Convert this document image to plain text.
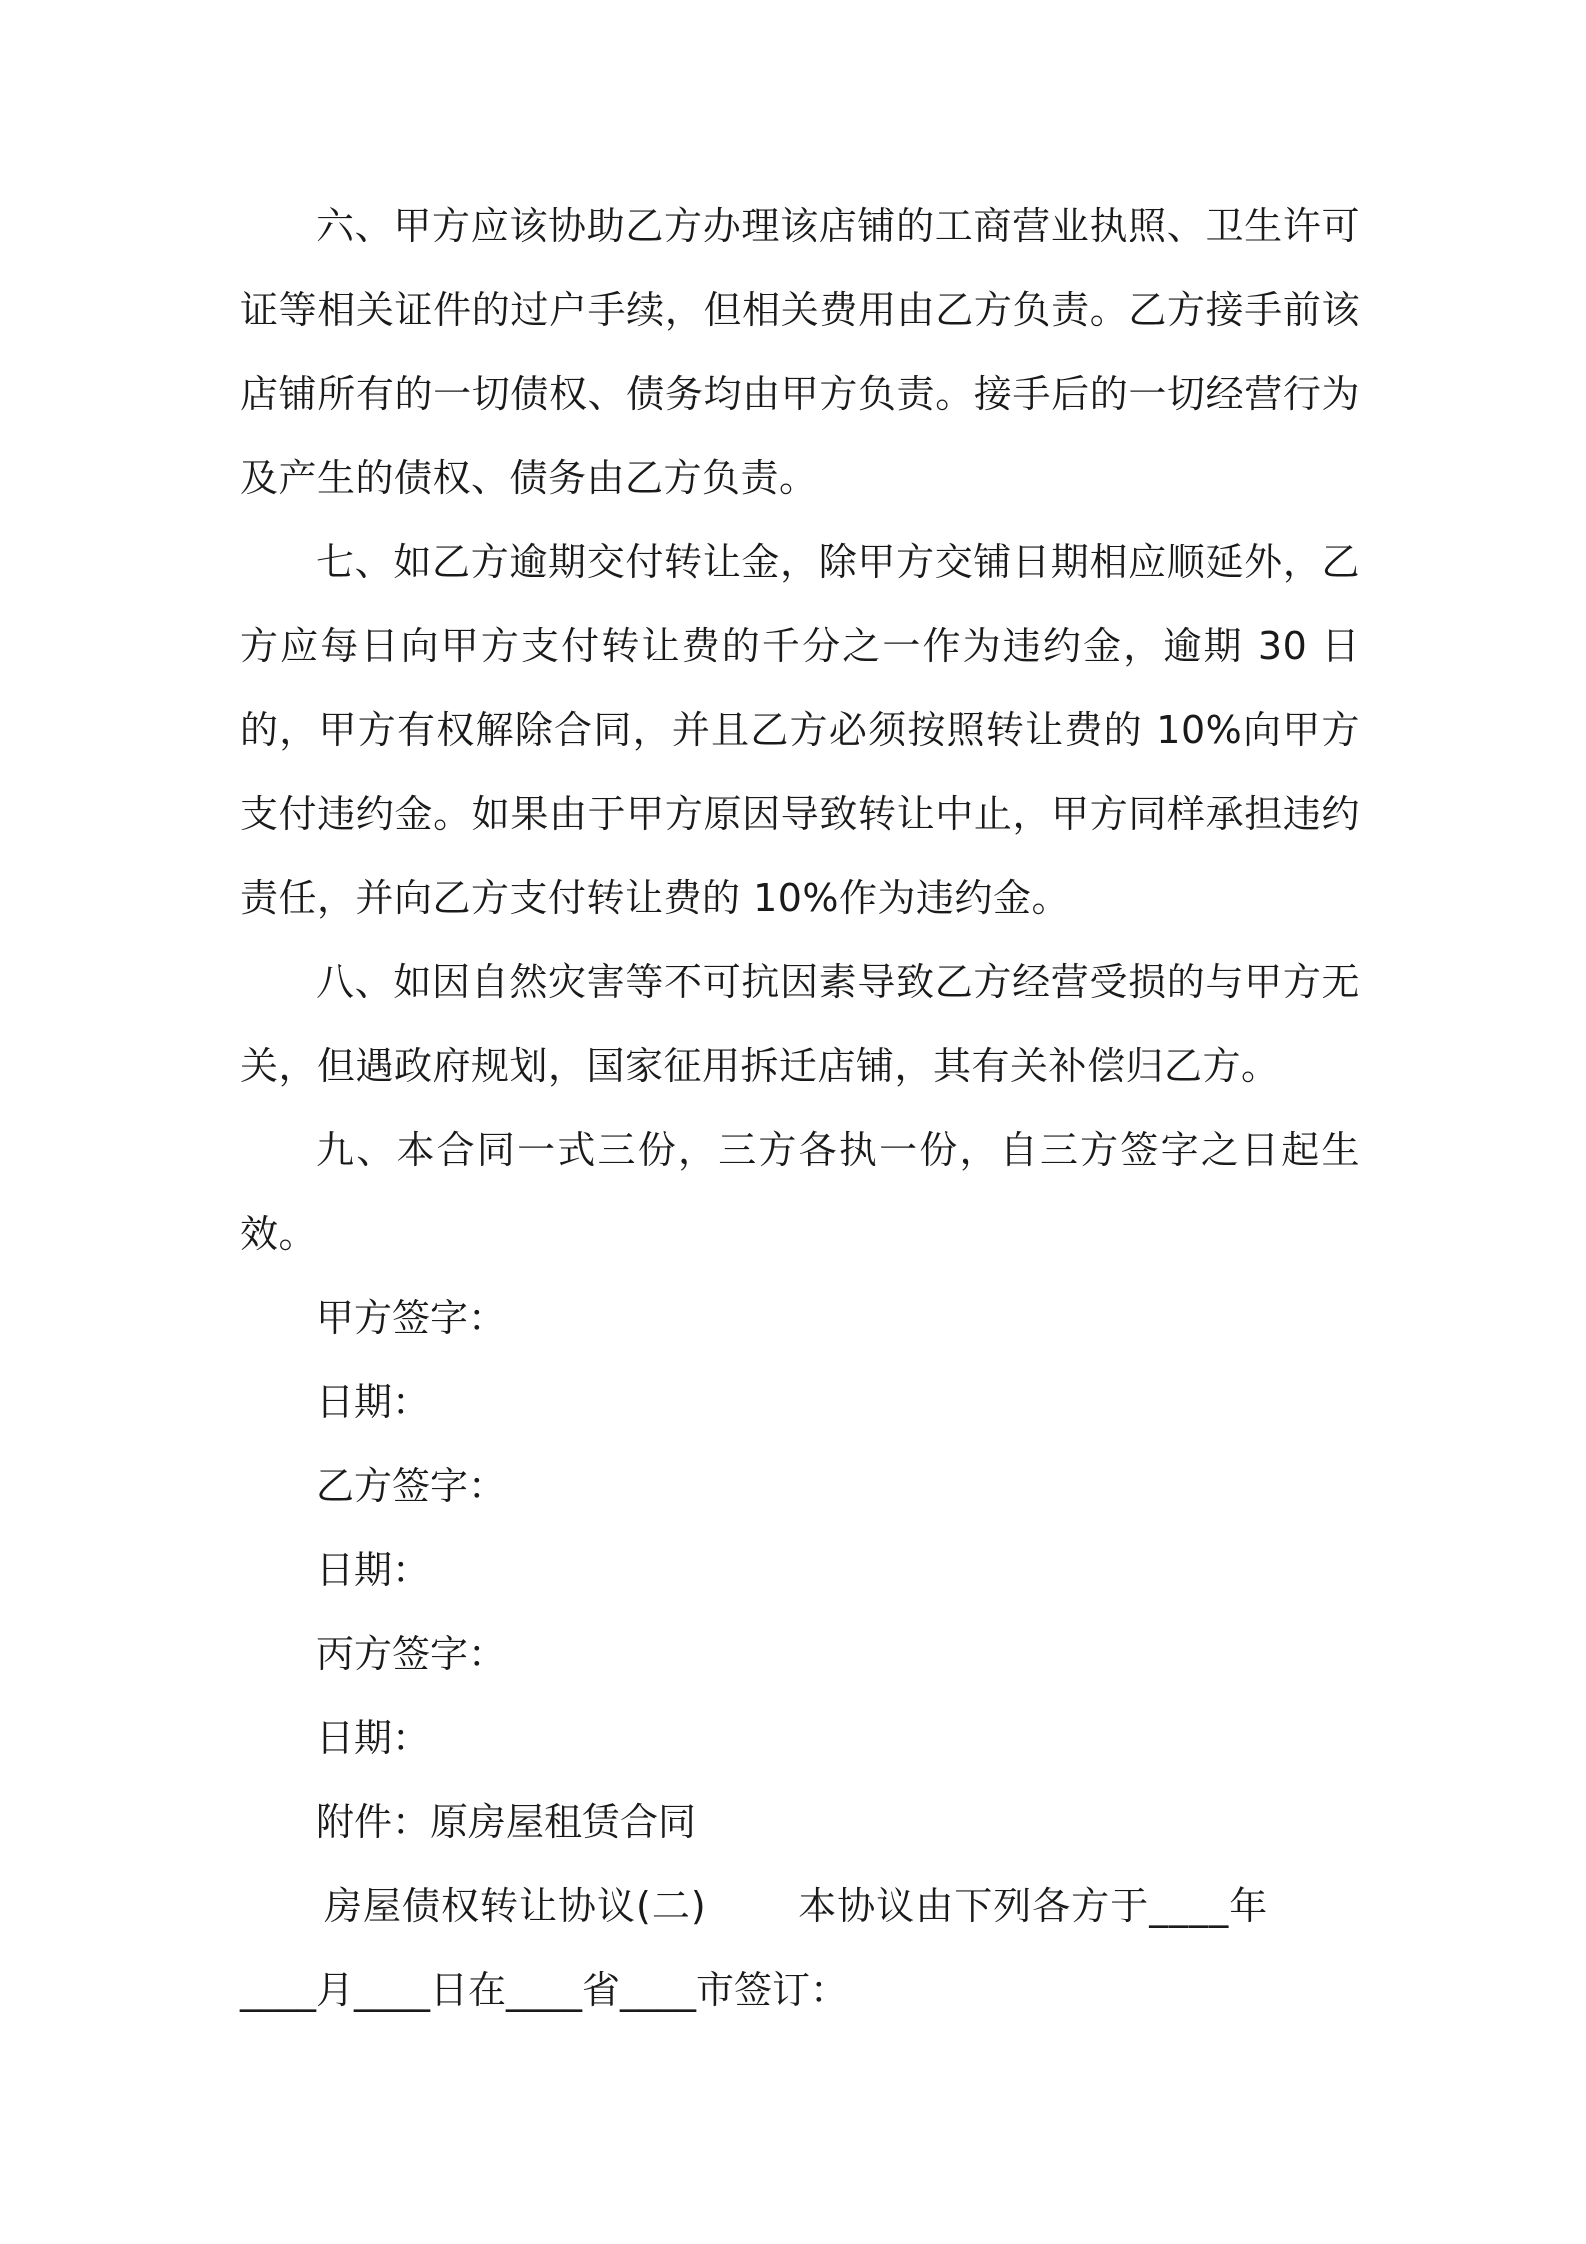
六、甲方应该协助乙方办理该店铺的工商营业执照、卫生许可证等相关证件的过户手续，但相关费用由乙方负责。乙方接手前该店铺所有的一切债权、债务均由甲方负责。接手后的一切经营行为及产生的债权、债务由乙方负责。
七、如乙方逾期交付转让金，除甲方交铺日期相应顺延外，乙方应每日向甲方支付转让费的千分之一作为违约金，逾期 30 日的，甲方有权解除合同，并且乙方必须按照转让费的 10%向甲方支付违约金。如果由于甲方原因导致转让中止，甲方同样承担违约责任，并向乙方支付转让费的 10%作为违约金。
八、如因自然灾害等不可抗因素导致乙方经营受损的与甲方无关，但遇政府规划，国家征用拆迁店铺，其有关补偿归乙方。
九、本合同一式三份，三方各执一份，自三方签字之日起生效。
甲方签字：
日期：
乙方签字：
日期：
丙方签字：
日期：
附件：原房屋租赁合同
房屋债权转让协议(二)       本协议由下列各方于____年
____月____日在____省____市签订：
